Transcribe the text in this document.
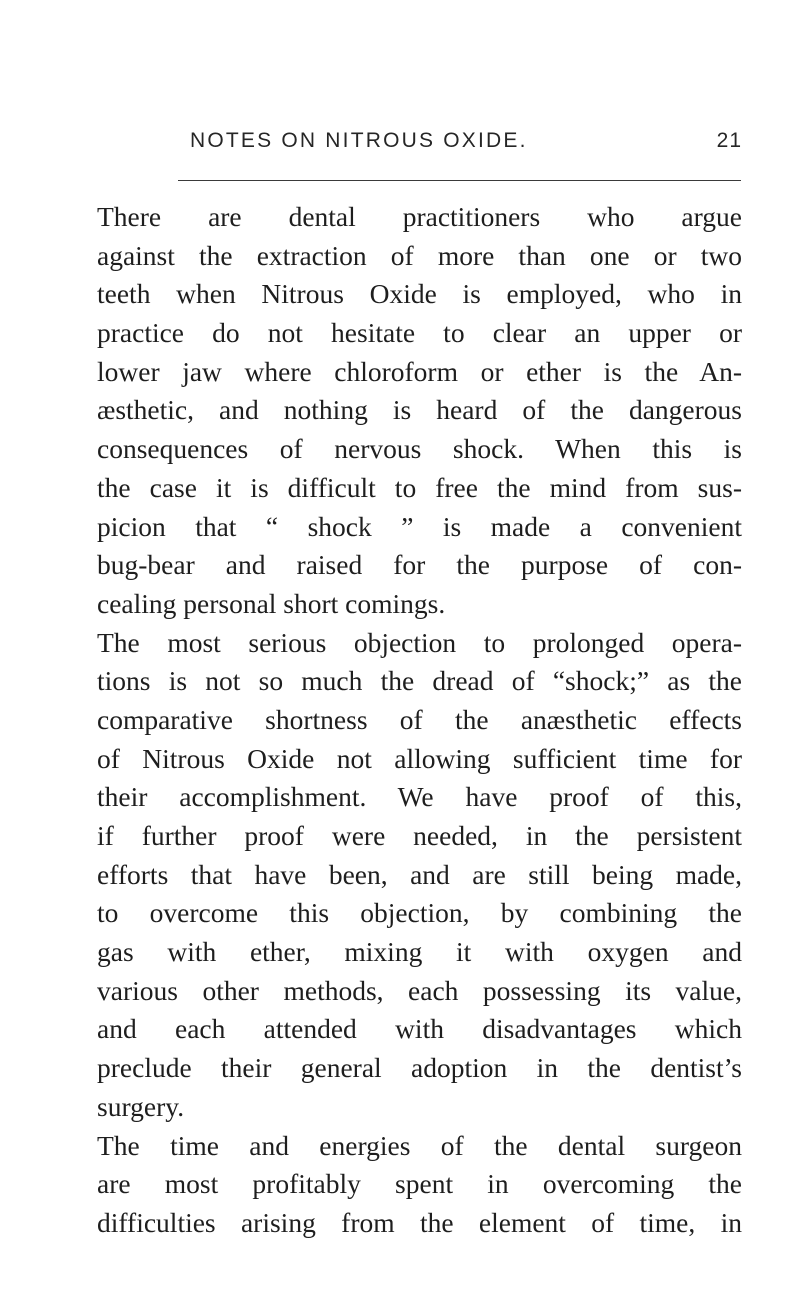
NOTES ON NITROUS OXIDE.	21
There are dental practitioners who argue
against the extraction of more than one or two
teeth when Nitrous Oxide is employed, who in
practice do not hesitate to clear an upper or
lower jaw where chloroform or ether is the An-
æsthetic, and nothing is heard of the dangerous
consequences of nervous shock. When this is
the case it is difficult to free the mind from sus-
picion that “ shock ” is made a convenient
bug-bear and raised for the purpose of con-
cealing personal short comings.
The most serious objection to prolonged opera-
tions is not so much the dread of “shock;” as the
comparative shortness of the anæsthetic effects
of Nitrous Oxide not allowing sufficient time for
their accomplishment. We have proof of this,
if further proof were needed, in the persistent
efforts that have been, and are still being made,
to overcome this objection, by combining the
gas with ether, mixing it with oxygen and
various other methods, each possessing its value,
and each attended with disadvantages which
preclude their general adoption in the dentist’s
surgery.
The time and energies of the dental surgeon
are most profitably spent in overcoming the
difficulties arising from the element of time, in
